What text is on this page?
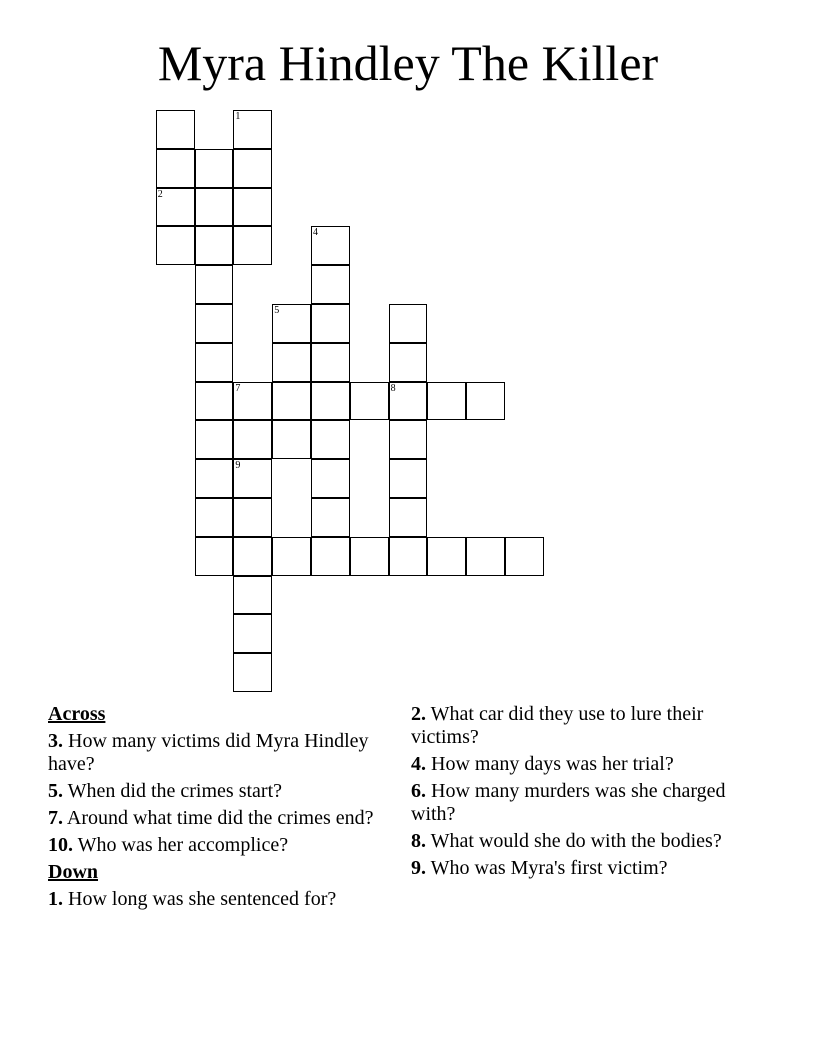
Myra Hindley The Killer
1
2
4
5
8
7
9
Across
3. How many victims did Myra Hindley have?
5. When did the crimes start?
7. Around what time did the crimes end?
10. Who was her accomplice?
Down
1. How long was she sentenced for?
2. What car did they use to lure their victims?
4. How many days was her trial?
6. How many murders was she charged with?
8. What would she do with the bodies?
9. Who was Myra's first victim?
